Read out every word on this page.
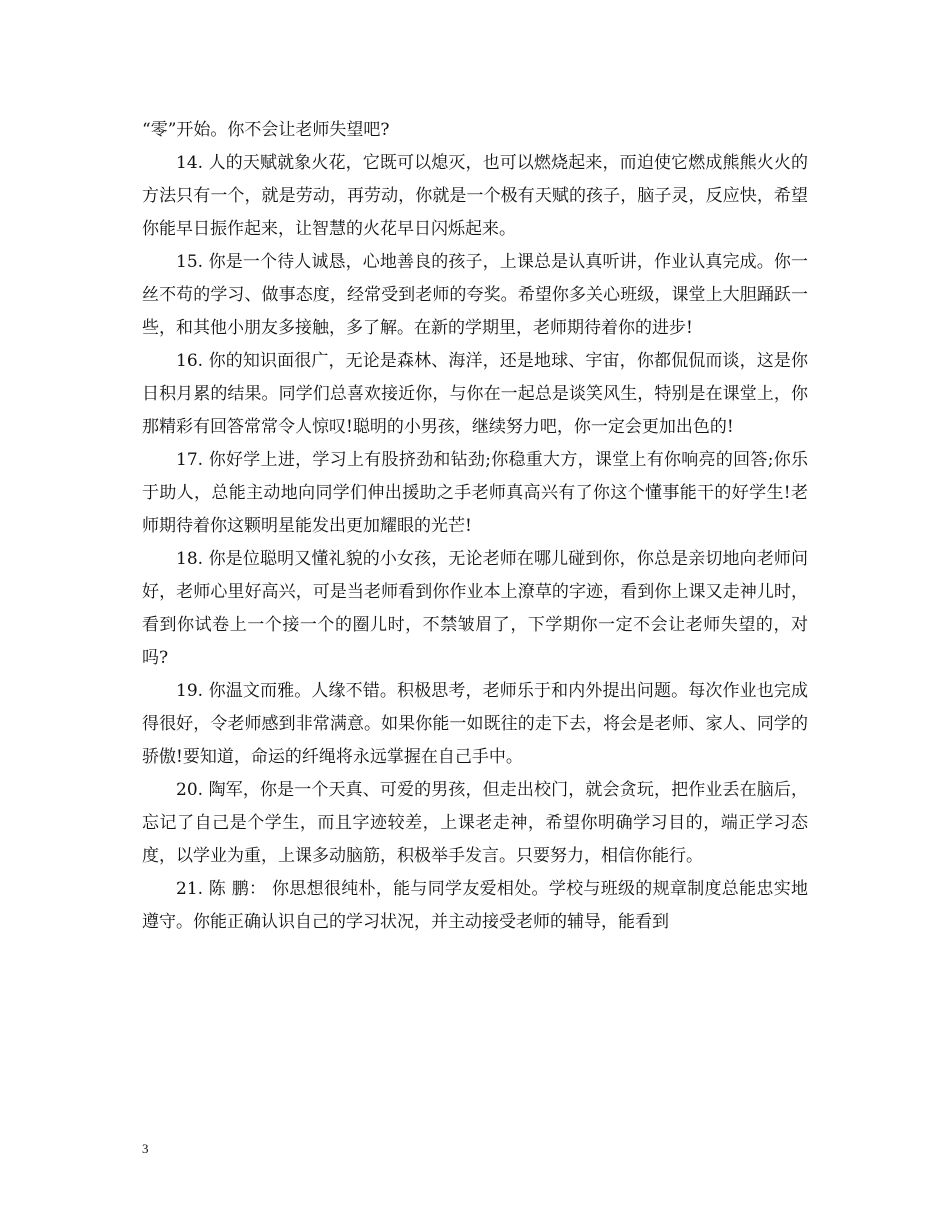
“零”开始。你不会让老师失望吧?

14. 人的天赋就象火花，它既可以熄灭，也可以燃烧起来，而迫使它燃成熊熊火火的方法只有一个，就是劳动，再劳动，你就是一个极有天赋的孩子，脑子灵，反应快，希望你能早日振作起来，让智慧的火花早日闪烁起来。

15. 你是一个待人诚恳，心地善良的孩子，上课总是认真听讲，作业认真完成。你一丝不苟的学习、做事态度，经常受到老师的夸奖。希望你多关心班级，课堂上大胆踊跃一些，和其他小朋友多接触，多了解。在新的学期里，老师期待着你的进步!

16. 你的知识面很广，无论是森林、海洋，还是地球、宇宙，你都侃侃而谈，这是你日积月累的结果。同学们总喜欢接近你，与你在一起总是谈笑风生，特别是在课堂上，你那精彩有回答常常令人惊叹!聪明的小男孩，继续努力吧，你一定会更加出色的!

17. 你好学上进，学习上有股挤劲和钻劲;你稳重大方，课堂上有你响亮的回答;你乐于助人，总能主动地向同学们伸出援助之手老师真高兴有了你这个懂事能干的好学生!老师期待着你这颗明星能发出更加耀眼的光芒!

18. 你是位聪明又懂礼貌的小女孩，无论老师在哪儿碰到你，你总是亲切地向老师问好，老师心里好高兴，可是当老师看到你作业本上潦草的字迹，看到你上课又走神儿时，看到你试卷上一个接一个的圈儿时，不禁皱眉了，下学期你一定不会让老师失望的，对吗?

19. 你温文而雅。人缘不错。积极思考，老师乐于和内外提出问题。每次作业也完成得很好，令老师感到非常满意。如果你能一如既往的走下去，将会是老师、家人、同学的骄傲!要知道，命运的纤绳将永远掌握在自己手中。

20. 陶军，你是一个天真、可爱的男孩，但走出校门，就会贪玩，把作业丢在脑后，忘记了自己是个学生，而且字迹较差，上课老走神，希望你明确学习目的，端正学习态度，以学业为重，上课多动脑筋，积极举手发言。只要努力，相信你能行。

21. 陈 鹏： 你思想很纯朴，能与同学友爱相处。学校与班级的规章制度总能忠实地遵守。你能正确认识自己的学习状况，并主动接受老师的辅导，能看到

3
